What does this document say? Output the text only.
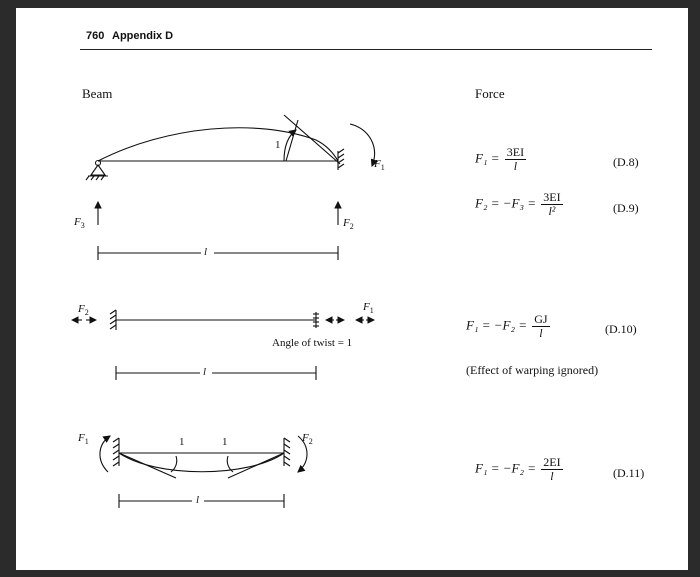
760 Appendix D
Beam	Force
1
$F_1$
$F_3$	$F_2$
l
$F_2$	$F_1$
Angle of twist = 1
l
1	1
$F_1$	$F_2$
l
$F_1 = \frac{3EI}{l}$	(D.8)
$F_2 = -F_3 = \frac{3EI}{\text{l²}}$	(D.9)
$F_1 = -F_2 = \frac{GJ}{l}$	(D.10)
(Effect of warping ignored)
$F_1 = -F_2 = \frac{2EI}{l}$	(D.11)
